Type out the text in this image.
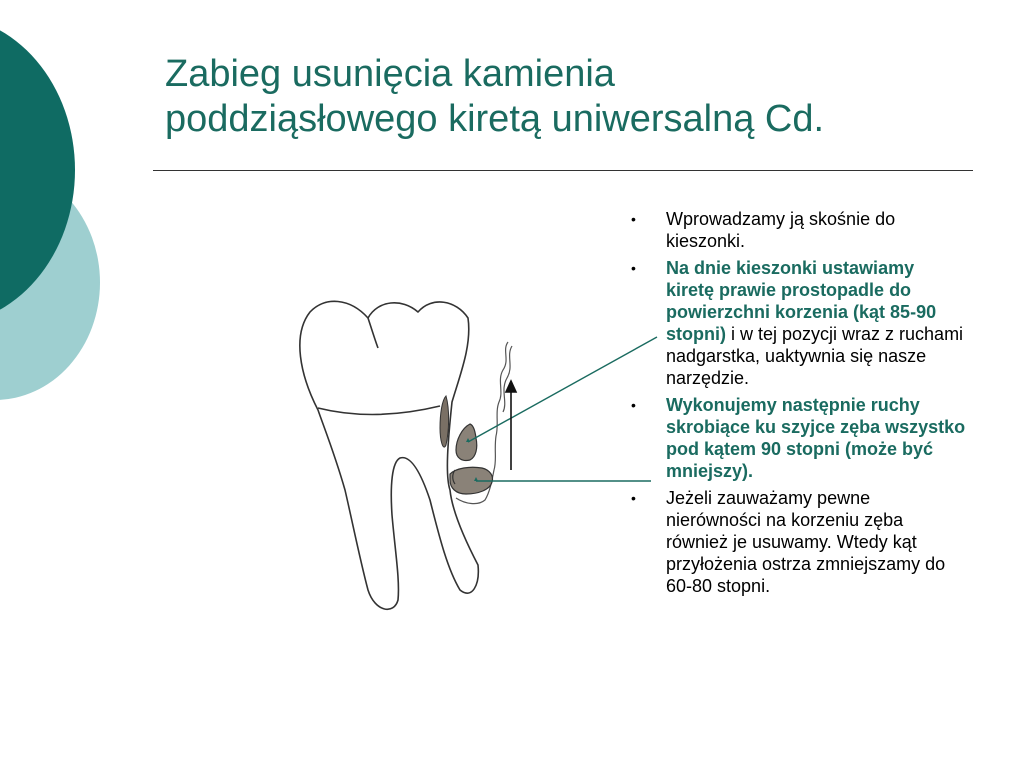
Zabieg usunięcia kamienia
poddziąsłowego kiretą uniwersalną Cd.
• Wprowadzamy ją skośnie do kieszonki.
• Na dnie kieszonki ustawiamy kiretę prawie prostopadle do powierzchni korzenia (kąt 85-90 stopni) i w tej pozycji wraz z ruchami nadgarstka, uaktywnia się nasze narzędzie.
• Wykonujemy następnie ruchy skrobiące ku szyjce zęba wszystko pod kątem 90 stopni (może być mniejszy).
• Jeżeli zauważamy pewne nierówności na korzeniu zęba również je usuwamy. Wtedy kąt przyłożenia ostrza zmniejszamy do 60-80 stopni.
